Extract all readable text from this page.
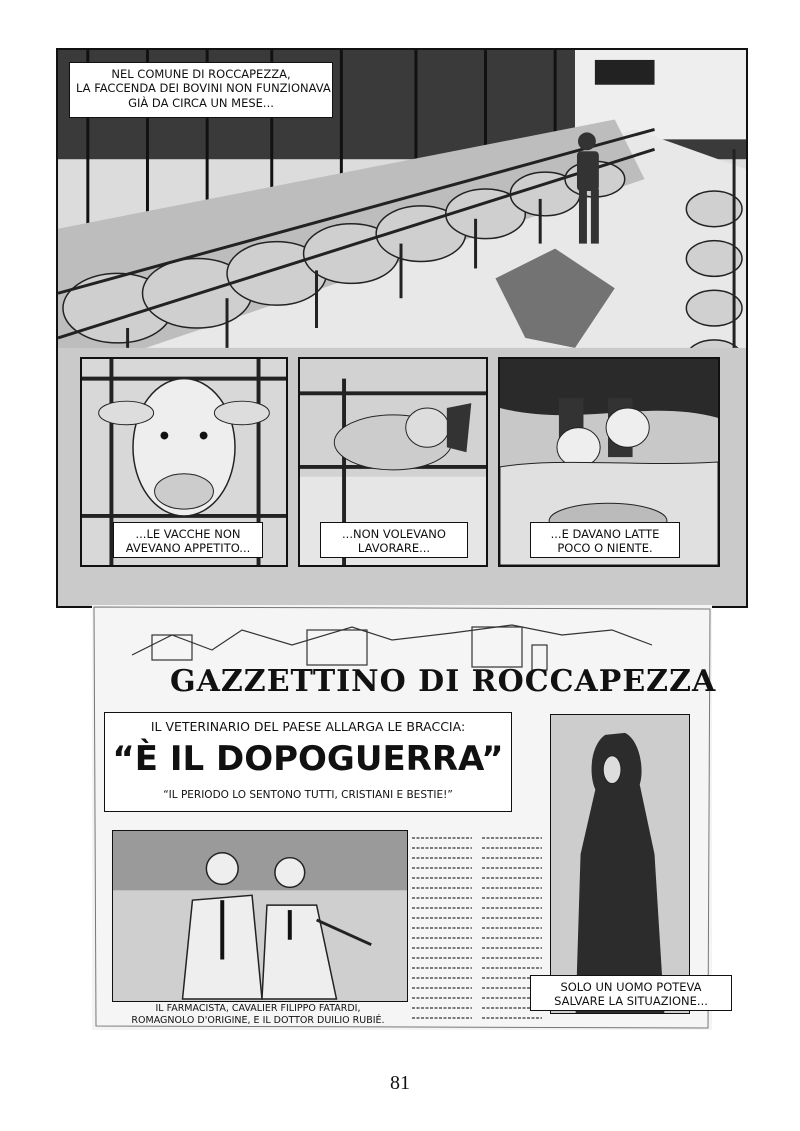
NEL COMUNE DI ROCCAPEZZA,
LA FACCENDA DEI BOVINI NON FUNZIONAVA
GIÀ DA CIRCA UN MESE...
...LE VACCHE NON
AVEVANO APPETITO...
...NON VOLEVANO
LAVORARE...
...E DAVANO LATTE
POCO O NIENTE.
GAZZETTINO DI ROCCAPEZZA
IL VETERINARIO DEL PAESE ALLARGA LE BRACCIA:
“È IL DOPOGUERRA”
“IL PERIODO LO SENTONO TUTTI, CRISTIANI E BESTIE!”
IL FARMACISTA, CAVALIER FILIPPO FATARDI,
ROMAGNOLO D'ORIGINE, E IL DOTTOR DUILIO RUBIÉ.
SOLO UN UOMO POTEVA
SALVARE LA SITUAZIONE...
81
